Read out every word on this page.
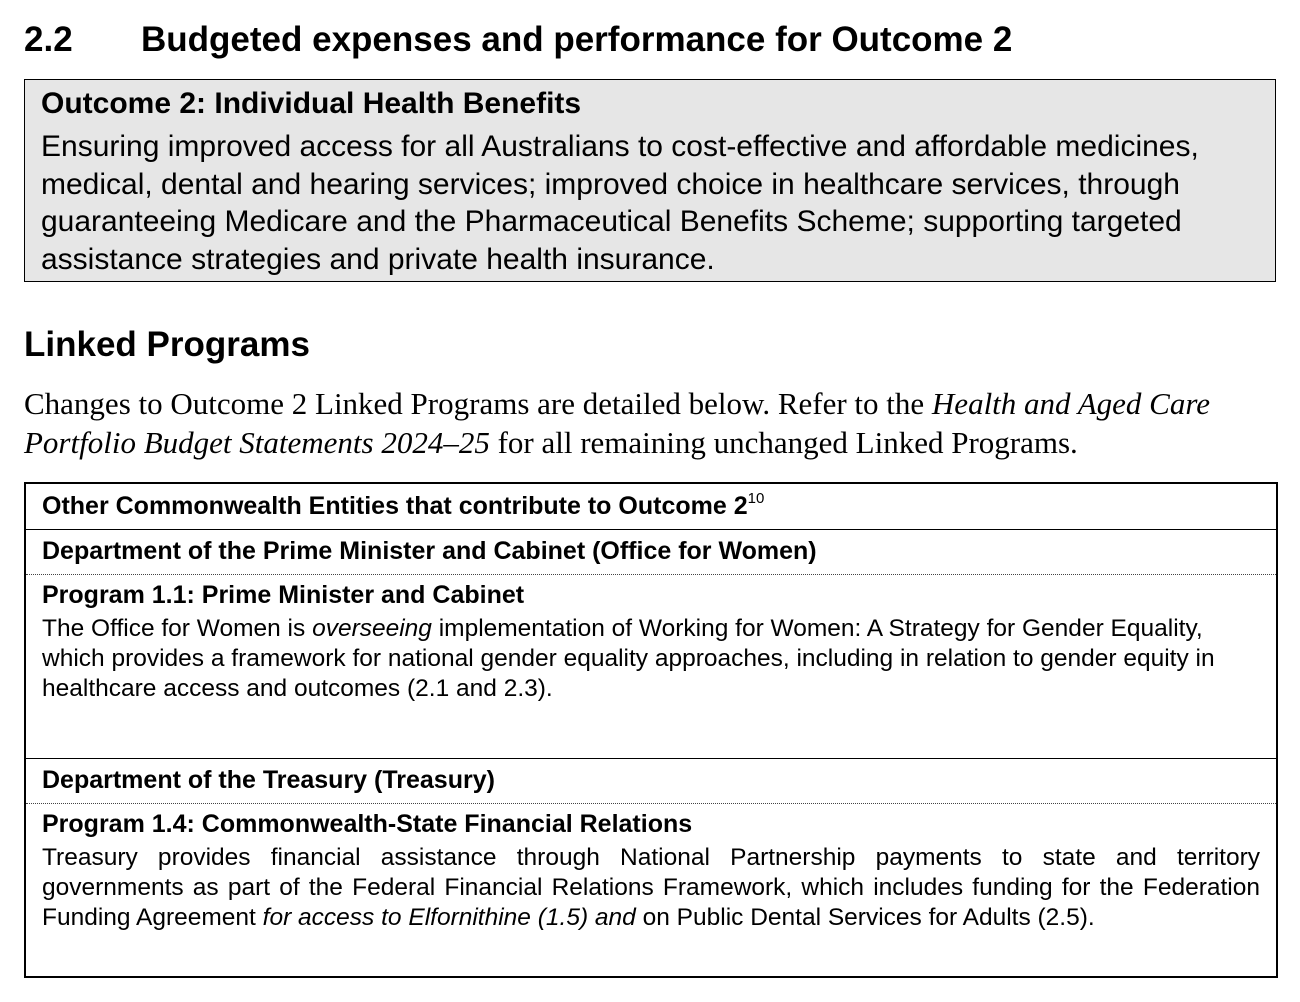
2.2 Budgeted expenses and performance for Outcome 2
Outcome 2: Individual Health Benefits
Ensuring improved access for all Australians to cost-effective and affordable medicines, medical, dental and hearing services; improved choice in healthcare services, through guaranteeing Medicare and the Pharmaceutical Benefits Scheme; supporting targeted assistance strategies and private health insurance.
Linked Programs
Changes to Outcome 2 Linked Programs are detailed below. Refer to the Health and Aged Care Portfolio Budget Statements 2024–25 for all remaining unchanged Linked Programs.
Other Commonwealth Entities that contribute to Outcome $2^{10}$
Department of the Prime Minister and Cabinet (Office for Women)
Program 1.1: Prime Minister and Cabinet
The Office for Women is overseeing implementation of Working for Women: A Strategy for Gender Equality, which provides a framework for national gender equality approaches, including in relation to gender equity in healthcare access and outcomes (2.1 and 2.3).
Department of the Treasury (Treasury)
Program 1.4: Commonwealth-State Financial Relations
Treasury provides financial assistance through National Partnership payments to state and territory governments as part of the Federal Financial Relations Framework, which includes funding for the Federation Funding Agreement for access to Elfornithine (1.5) and on Public Dental Services for Adults (2.5).
